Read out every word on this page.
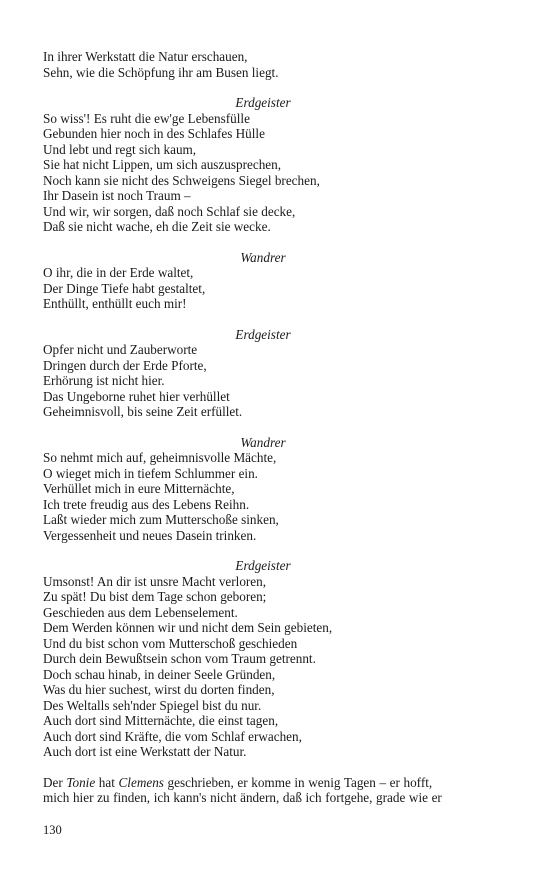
In ihrer Werkstatt die Natur erschauen,
Sehn, wie die Schöpfung ihr am Busen liegt.
Erdgeister
So wiss'! Es ruht die ew'ge Lebensfülle
Gebunden hier noch in des Schlafes Hülle
Und lebt und regt sich kaum,
Sie hat nicht Lippen, um sich auszusprechen,
Noch kann sie nicht des Schweigens Siegel brechen,
Ihr Dasein ist noch Traum –
Und wir, wir sorgen, daß noch Schlaf sie decke,
Daß sie nicht wache, eh die Zeit sie wecke.
Wandrer
O ihr, die in der Erde waltet,
Der Dinge Tiefe habt gestaltet,
Enthüllt, enthüllt euch mir!
Erdgeister
Opfer nicht und Zauberworte
Dringen durch der Erde Pforte,
Erhörung ist nicht hier.
Das Ungeborne ruhet hier verhüllet
Geheimnisvoll, bis seine Zeit erfüllet.
Wandrer
So nehmt mich auf, geheimnisvolle Mächte,
O wieget mich in tiefem Schlummer ein.
Verhüllet mich in eure Mitternächte,
Ich trete freudig aus des Lebens Reihn.
Laßt wieder mich zum Mutterschoße sinken,
Vergessenheit und neues Dasein trinken.
Erdgeister
Umsonst! An dir ist unsre Macht verloren,
Zu spät! Du bist dem Tage schon geboren;
Geschieden aus dem Lebenselement.
Dem Werden können wir und nicht dem Sein gebieten,
Und du bist schon vom Mutterschoß geschieden
Durch dein Bewußtsein schon vom Traum getrennt.
Doch schau hinab, in deiner Seele Gründen,
Was du hier suchest, wirst du dorten finden,
Des Weltalls seh'nder Spiegel bist du nur.
Auch dort sind Mitternächte, die einst tagen,
Auch dort sind Kräfte, die vom Schlaf erwachen,
Auch dort ist eine Werkstatt der Natur.
Der Tonie hat Clemens geschrieben, er komme in wenig Tagen – er hofft,
mich hier zu finden, ich kann's nicht ändern, daß ich fortgehe, grade wie er
130
